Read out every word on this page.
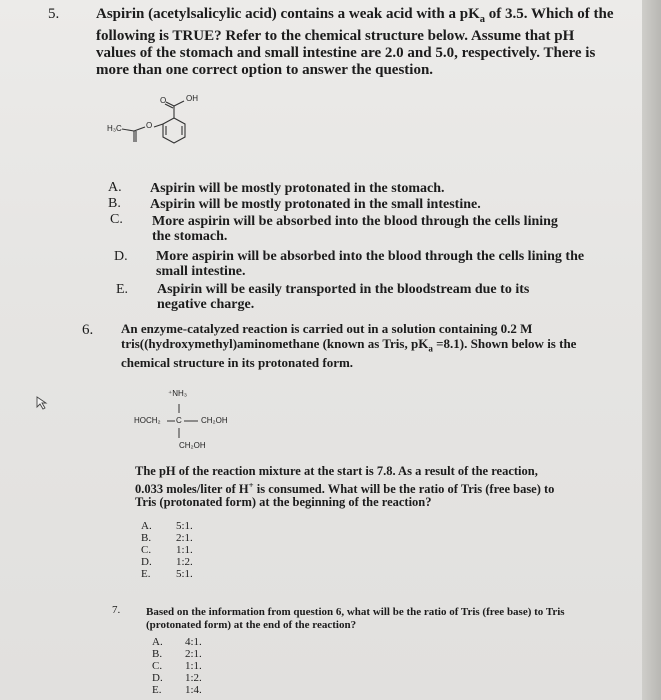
5. Aspirin (acetylsalicylic acid) contains a weak acid with a $pK_a$ of 3.5. Which of the following is TRUE? Refer to the chemical structure below. Assume that pH values of the stomach and small intestine are 2.0 and 5.0, respectively. There is more than one correct option to answer the question.
OH
O
O
H₃C
A. Aspirin will be mostly protonated in the stomach.
B. Aspirin will be mostly protonated in the small intestine.
C. More aspirin will be absorbed into the blood through the cells lining the stomach.
D. More aspirin will be absorbed into the blood through the cells lining the small intestine.
E. Aspirin will be easily transported in the bloodstream due to its negative charge.
6. An enzyme-catalyzed reaction is carried out in a solution containing 0.2 M tris((hydroxymethyl)aminomethane (known as Tris, $pK_a =8.1$). Shown below is the chemical structure in its protonated form.
⁺NH₃
HOCH₂ C CH₂OH
CH₂OH
The pH of the reaction mixture at the start is 7.8. As a result of the reaction, 0.033 moles/liter of H+ is consumed. What will be the ratio of Tris (free base) to Tris (protonated form) at the beginning of the reaction?
A. 5:1.
B. 2:1.
C. 1:1.
D. 1:2.
E. 5:1.
7. Based on the information from question 6, what will be the ratio of Tris (free base) to Tris (protonated form) at the end of the reaction?
A. 4:1.
B. 2:1.
C. 1:1.
D. 1:2.
E. 1:4.
